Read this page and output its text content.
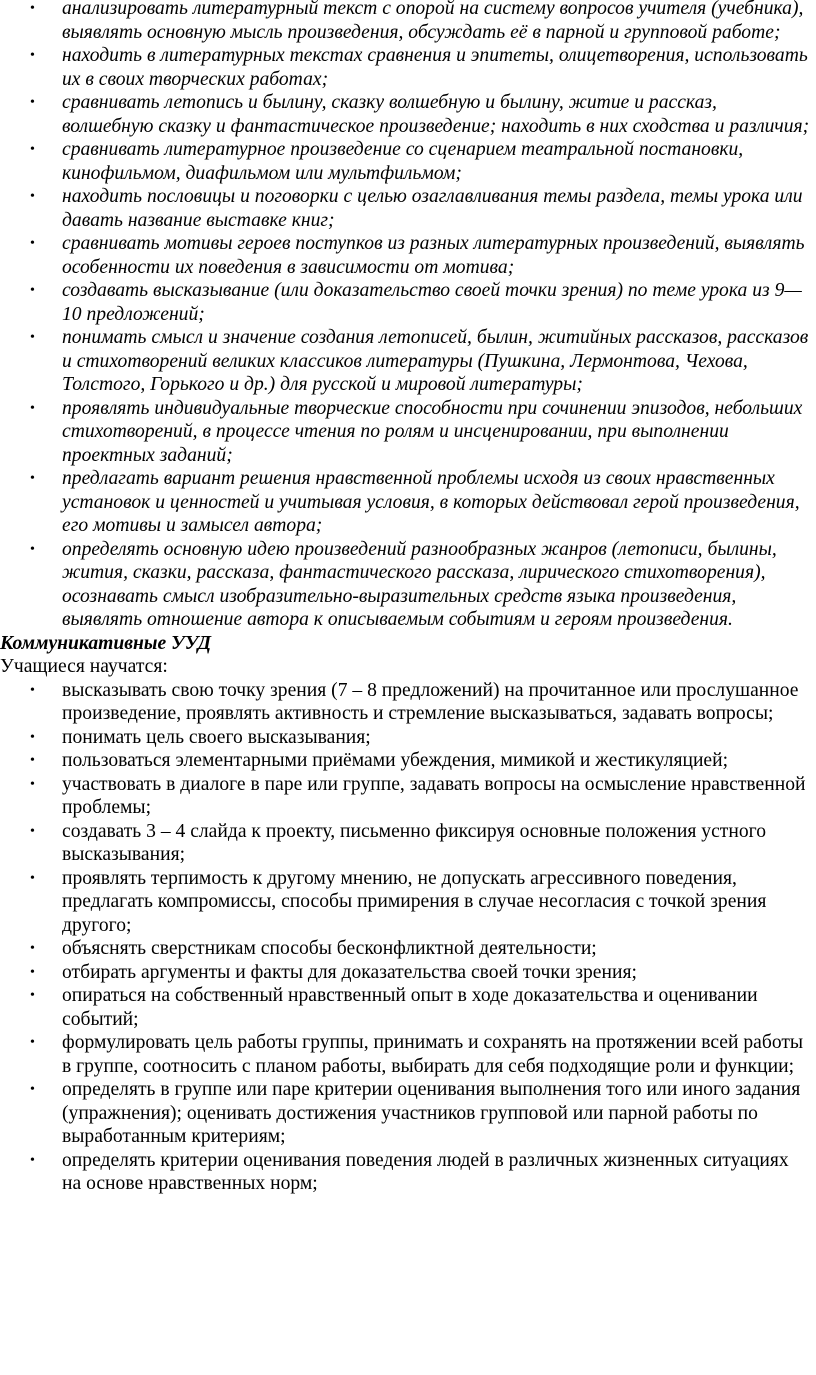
• анализировать литературный текст с опорой на систему вопросов учителя (учебника), выявлять основную мысль произведения, обсуждать её в парной и групповой работе;
• находить в литературных текстах сравнения и эпитеты, олицетворения, использовать их в своих творческих работах;
• сравнивать летопись и былину, сказку волшебную и былину, житие и рассказ, волшебную сказку и фантастическое произведение; находить в них сходства и различия;
• сравнивать литературное произведение со сценарием театральной постановки, кинофильмом, диафильмом или мультфильмом;
• находить пословицы и поговорки с целью озаглавливания темы раздела, темы урока или давать название выставке книг;
• сравнивать мотивы героев поступков из разных литературных произведений, выявлять особенности их поведения в зависимости от мотива;
• создавать высказывание (или доказательство своей точки зрения) по теме урока из 9—10 предложений;
• понимать смысл и значение создания летописей, былин, житийных рассказов, рассказов и стихотворений великих классиков литературы (Пушкина, Лермонтова, Чехова, Толстого, Горького и др.) для русской и мировой литературы;
• проявлять индивидуальные творческие способности при сочинении эпизодов, небольших стихотворений, в процессе чтения по ролям и инсценировании, при выполнении проектных заданий;
• предлагать вариант решения нравственной проблемы исходя из своих нравственных установок и ценностей и учитывая условия, в которых действовал герой произведения, его мотивы и замысел автора;
• определять основную идею произведений разнообразных жанров (летописи, былины, жития, сказки, рассказа, фантастического рассказа, лирического стихотворения), осознавать смысл изобразительно-выразительных средств языка произведения, выявлять отношение автора к описываемым событиям и героям произведения.

Коммуникативные УУД

Учащиеся научатся:

• высказывать свою точку зрения (7 – 8 предложений) на прочитанное или прослушанное произведение, проявлять активность и стремление высказываться, задавать вопросы;
• понимать цель своего высказывания;
• пользоваться элементарными приёмами убеждения, мимикой и жестикуляцией;
• участвовать в диалоге в паре или группе, задавать вопросы на осмысление нравственной проблемы;
• создавать 3 – 4 слайда к проекту, письменно фиксируя основные положения устного высказывания;
• проявлять терпимость к другому мнению, не допускать агрессивного поведения, предлагать компромиссы, способы примирения в случае несогласия с точкой зрения другого;
• объяснять сверстникам способы бесконфликтной деятельности;
• отбирать аргументы и факты для доказательства своей точки зрения;
• опираться на собственный нравственный опыт в ходе доказательства и оценивании событий;
• формулировать цель работы группы, принимать и сохранять на протяжении всей работы в группе, соотносить с планом работы, выбирать для себя подходящие роли и функции;
• определять в группе или паре критерии оценивания выполнения того или иного задания (упражнения); оценивать достижения участников групповой или парной работы по выработанным критериям;
• определять критерии оценивания поведения людей в различных жизненных ситуациях на основе нравственных норм;
